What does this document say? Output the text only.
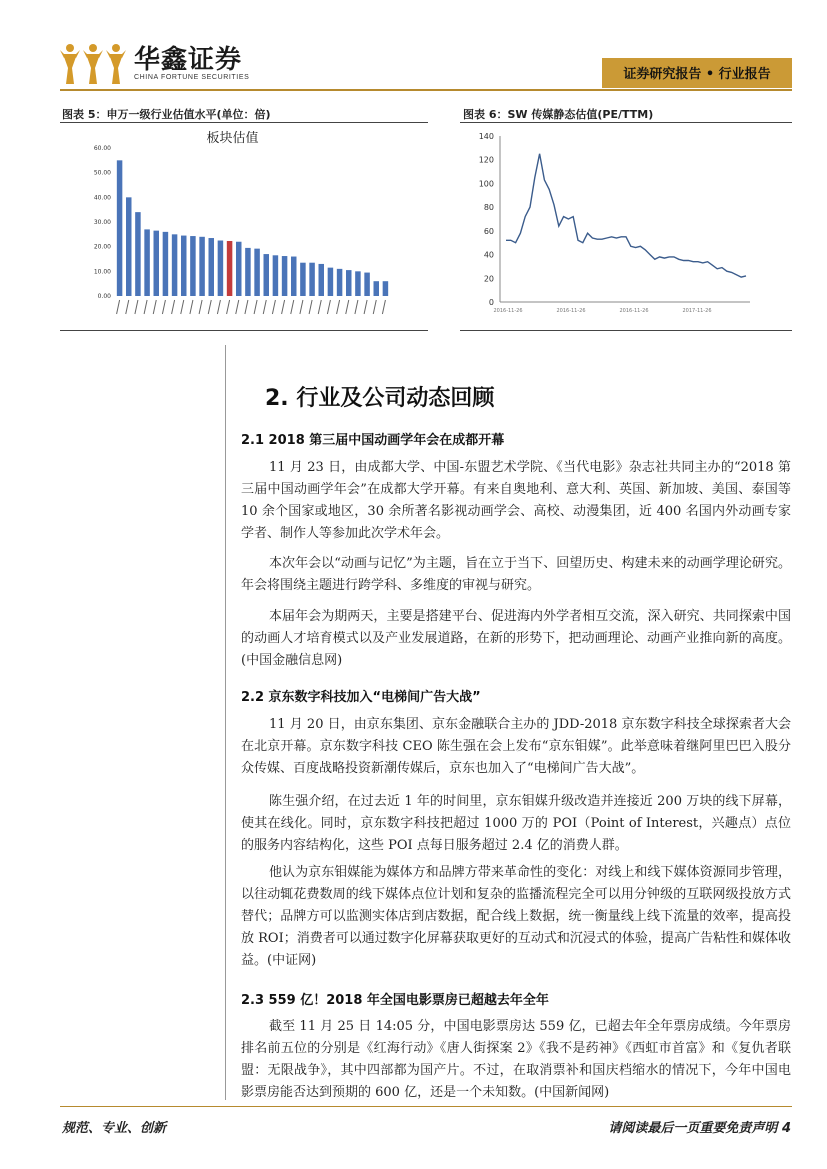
华鑫证券
CHINA FORTUNE SECURITIES	证券研究报告 • 行业报告
图表 5：申万一级行业估值水平(单位：倍)
板块估值
0.00
10.00
20.00
30.00
40.00
50.00
60.00
图表 6：SW 传媒静态估值(PE/TTM)
0
20
40
60
80
100
120
140
2016-11-26	2016-11-26	2016-11-26	2017-11-26
2. 行业及公司动态回顾
2.1 2018 第三届中国动画学年会在成都开幕
11 月 23 日，由成都大学、中国-东盟艺术学院、《当代电影》杂志社共同主办的“2018 第三届中国动画学年会”在成都大学开幕。有来自奥地利、意大利、英国、新加坡、美国、泰国等 10 余个国家或地区，30 余所著名影视动画学会、高校、动漫集团，近 400 名国内外动画专家学者、制作人等参加此次学术年会。
本次年会以“动画与记忆”为主题，旨在立于当下、回望历史、构建未来的动画学理论研究。年会将围绕主题进行跨学科、多维度的审视与研究。
本届年会为期两天，主要是搭建平台、促进海内外学者相互交流，深入研究、共同探索中国的动画人才培育模式以及产业发展道路，在新的形势下，把动画理论、动画产业推向新的高度。(中国金融信息网)
2.2 京东数字科技加入“电梯间广告大战”
11 月 20 日，由京东集团、京东金融联合主办的 JDD-2018 京东数字科技全球探索者大会在北京开幕。京东数字科技 CEO 陈生强在会上发布“京东钼媒”。此举意味着继阿里巴巴入股分众传媒、百度战略投资新潮传媒后，京东也加入了“电梯间广告大战”。
陈生强介绍，在过去近 1 年的时间里，京东钼媒升级改造并连接近 200 万块的线下屏幕，使其在线化。同时，京东数字科技把超过 1000 万的 POI（Point of Interest，兴趣点）点位的服务内容结构化，这些 POI 点每日服务超过 2.4 亿的消费人群。
他认为京东钼媒能为媒体方和品牌方带来革命性的变化：对线上和线下媒体资源同步管理，以往动辄花费数周的线下媒体点位计划和复杂的监播流程完全可以用分钟级的互联网级投放方式替代；品牌方可以监测实体店到店数据，配合线上数据，统一衡量线上线下流量的效率，提高投放 ROI；消费者可以通过数字化屏幕获取更好的互动式和沉浸式的体验，提高广告粘性和媒体收益。(中证网)
2.3 559 亿！2018 年全国电影票房已超越去年全年
截至 11 月 25 日 14:05 分，中国电影票房达 559 亿，已超去年全年票房成绩。今年票房排名前五位的分别是《红海行动》《唐人街探案 2》《我不是药神》《西虹市首富》和《复仇者联盟：无限战争》，其中四部都为国产片。不过，在取消票补和国庆档缩水的情况下，今年中国电影票房能否达到预期的 600 亿，还是一个未知数。(中国新闻网)
规范、专业、创新	请阅读最后一页重要免责声明 4
